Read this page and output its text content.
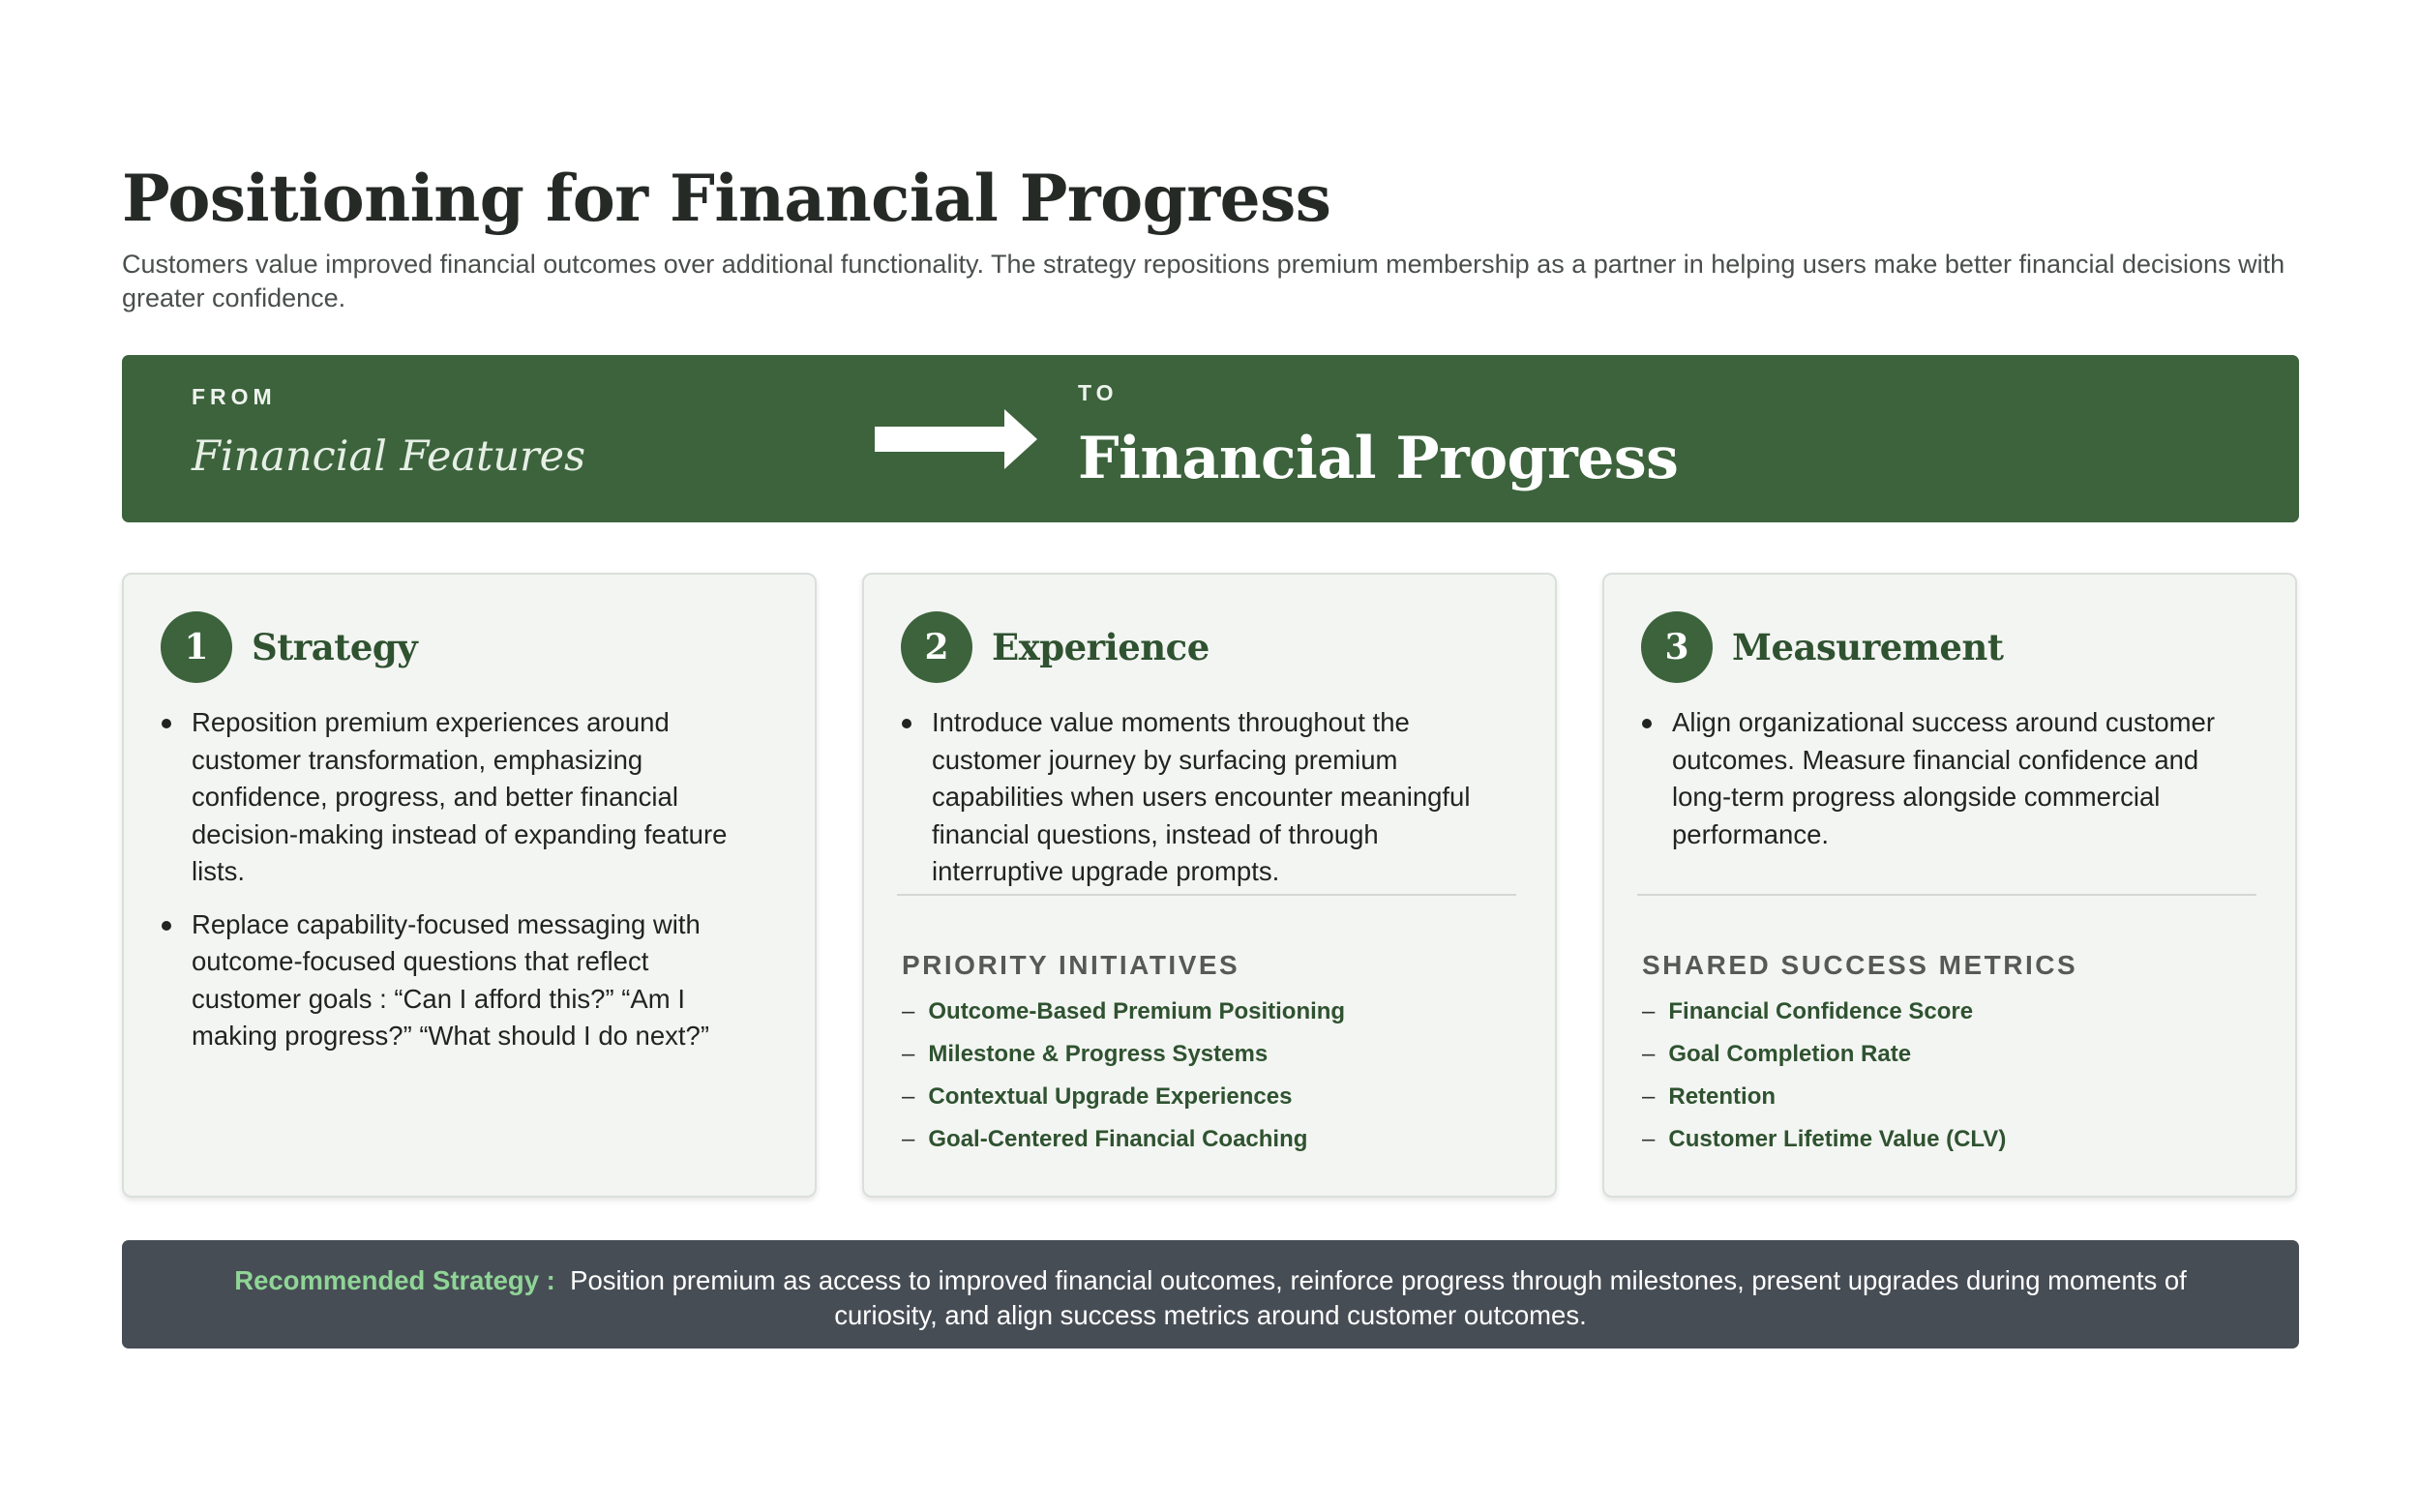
Positioning for Financial Progress

Customers value improved financial outcomes over additional functionality. The strategy repositions premium membership as a partner in helping users make better financial decisions with greater confidence.

FROM
Financial Features
TO
Financial Progress
1	Strategy
Reposition premium experiences around customer transformation, emphasizing confidence, progress, and better financial decision-making instead of expanding feature lists.
Replace capability-focused messaging with outcome-focused questions that reflect customer goals : “Can I afford this?” “Am I making progress?” “What should I do next?”
2	Experience
Introduce value moments throughout the customer journey by surfacing premium capabilities when users encounter meaningful financial questions, instead of through interruptive upgrade prompts.
PRIORITY INITIATIVES
– Outcome-Based Premium Positioning
– Milestone & Progress Systems
– Contextual Upgrade Experiences
– Goal-Centered Financial Coaching
3	Measurement
Align organizational success around customer outcomes. Measure financial confidence and long-term progress alongside commercial performance.
SHARED SUCCESS METRICS
– Financial Confidence Score
– Goal Completion Rate
– Retention
– Customer Lifetime Value (CLV)
Recommended Strategy : Position premium as access to improved financial outcomes, reinforce progress through milestones, present upgrades during moments of curiosity, and align success metrics around customer outcomes.
